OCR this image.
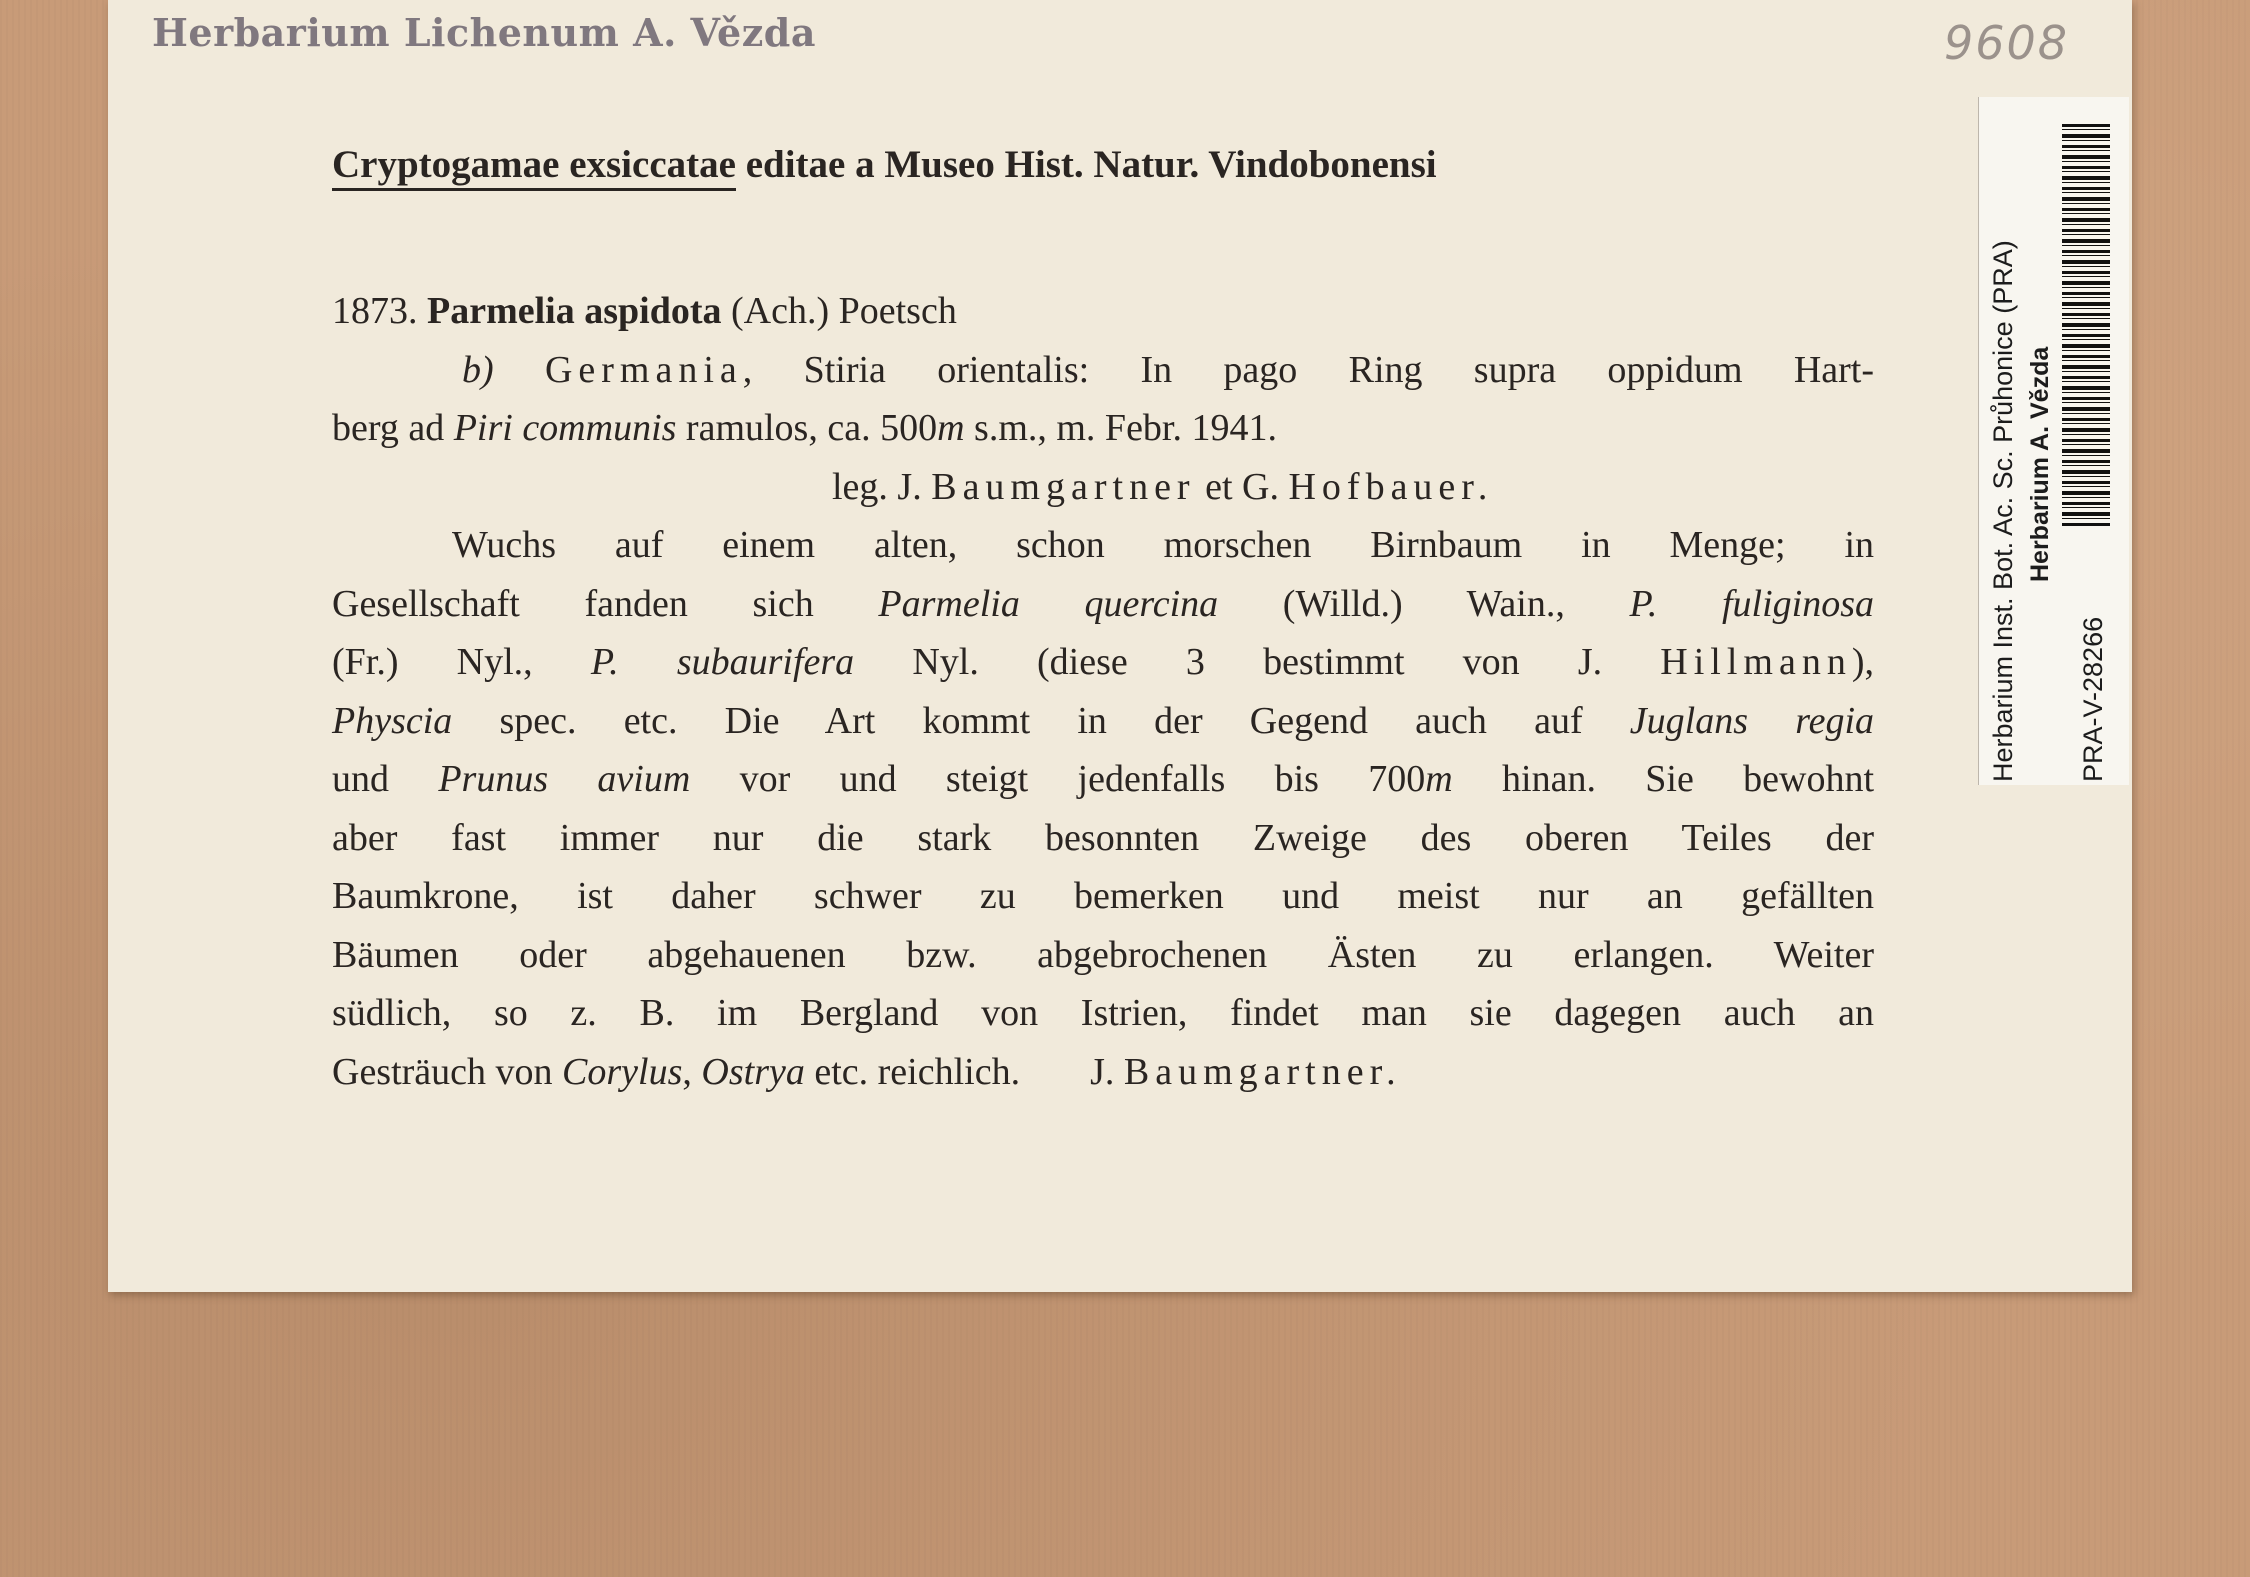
Herbarium Lichenum A. Vězda	9608
Cryptogamae exsiccatae editae a Museo Hist. Natur. Vindobonensi

1873. Parmelia aspidota (Ach.) Poetsch

b) Germania, Stiria orientalis: In pago Ring supra oppidum Hart-

berg ad Piri communis ramulos, ca. 500m s.m., m. Febr. 1941.

leg. J. Baumgartner et G. Hofbauer.

Wuchs auf einem alten, schon morschen Birnbaum in Menge; in

Gesellschaft fanden sich Parmelia quercina (Willd.) Wain., P. fuliginosa

(Fr.) Nyl., P. subaurifera Nyl. (diese 3 bestimmt von J. Hillmann),

Physcia spec. etc. Die Art kommt in der Gegend auch auf Juglans regia

und Prunus avium vor und steigt jedenfalls bis 700m hinan. Sie bewohnt

aber fast immer nur die stark besonnten Zweige des oberen Teiles der

Baumkrone, ist daher schwer zu bemerken und meist nur an gefällten

Bäumen oder abgehauenen bzw. abgebrochenen Ästen zu erlangen. Weiter

südlich, so z. B. im Bergland von Istrien, findet man sie dagegen auch an

Gesträuch von Corylus, Ostrya etc. reichlich. J. Baumgartner.

Herbarium Inst. Bot. Ac. Sc. Průhonice (PRA) Herbarium A. Vězda
PRA-V-28266
